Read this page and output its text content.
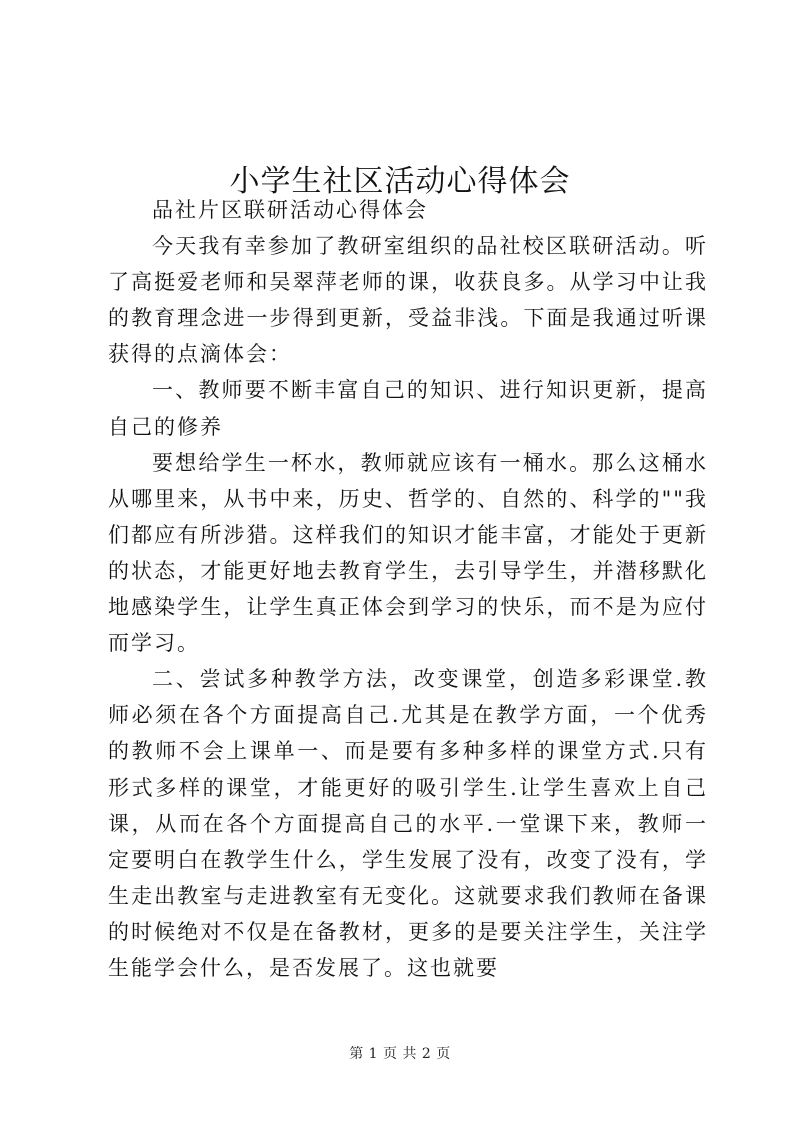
小学生社区活动心得体会

品社片区联研活动心得体会

今天我有幸参加了教研室组织的品社校区联研活动。听了高挺爱老师和吴翠萍老师的课，收获良多。从学习中让我的教育理念进一步得到更新，受益非浅。下面是我通过听课获得的点滴体会：

一、教师要不断丰富自己的知识、进行知识更新，提高自己的修养

要想给学生一杯水，教师就应该有一桶水。那么这桶水从哪里来，从书中来，历史、哲学的、自然的、科学的""我们都应有所涉猎。这样我们的知识才能丰富，才能处于更新的状态，才能更好地去教育学生，去引导学生，并潜移默化地感染学生，让学生真正体会到学习的快乐，而不是为应付而学习。

二、尝试多种教学方法，改变课堂，创造多彩课堂.教师必须在各个方面提高自己.尤其是在教学方面，一个优秀的教师不会上课单一、而是要有多种多样的课堂方式.只有形式多样的课堂，才能更好的吸引学生.让学生喜欢上自己课，从而在各个方面提高自己的水平.一堂课下来，教师一定要明白在教学生什么，学生发展了没有，改变了没有，学生走出教室与走进教室有无变化。这就要求我们教师在备课的时候绝对不仅是在备教材，更多的是要关注学生，关注学生能学会什么，是否发展了。这也就要

第 1 页 共 2 页
